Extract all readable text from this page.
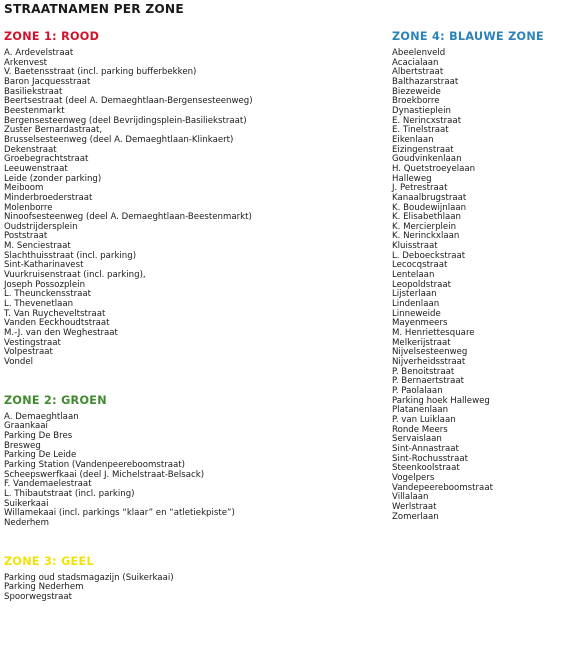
STRAATNAMEN PER ZONE
ZONE 1: ROOD
A. Ardevelstraat
Arkenvest
V. Baetensstraat (incl. parking bufferbekken)
Baron Jacquesstraat
Basiliekstraat
Beertsestraat (deel A. Demaeghtlaan-Bergensesteenweg)
Beestenmarkt
Bergensesteenweg (deel Bevrijdingsplein-Basiliekstraat)
Zuster Bernardastraat,
Brusselsesteenweg (deel A. Demaeghtlaan-Klinkaert)
Dekenstraat
Groebegrachtstraat
Leeuwenstraat
Leide (zonder parking)
Meiboom
Minderbroederstraat
Molenborre
Ninoofsesteenweg (deel A. Demaeghtlaan-Beestenmarkt)
Oudstrijdersplein
Poststraat
M. Senciestraat
Slachthuisstraat (incl. parking)
Sint-Katharinavest
Vuurkruisenstraat (incl. parking),
Joseph Possozplein
L. Theunckensstraat
L. Thevenetlaan
T. Van Ruycheveltstraat
Vanden Eeckhoudtstraat
M.-J. van den Weghestraat
Vestingstraat
Volpestraat
Vondel
ZONE 2: GROEN
A. Demaeghtlaan
Graankaai
Parking De Bres
Bresweg
Parking De Leide
Parking Station (Vandenpeereboomstraat)
Scheepswerfkaai (deel J. Michelstraat-Belsack)
F. Vandemaelestraat
L. Thibautstraat (incl. parking)
Suikerkaai
Willamekaai (incl. parkings “klaar” en “atletiekpiste”)
Nederhem
ZONE 3: GEEL
Parking oud stadsmagazijn (Suikerkaai)
Parking Nederhem
Spoorwegstraat
ZONE 4: BLAUWE ZONE
Abeelenveld
Acacialaan
Albertstraat
Balthazarstraat
Biezeweide
Broekborre
Dynastieplein
E. Nerincxstraat
E. Tinelstraat
Eikenlaan
Eizingenstraat
Goudvinkenlaan
H. Quetstroeyelaan
Halleweg
J. Petrestraat
Kanaalbrugstraat
K. Boudewijnlaan
K. Elisabethlaan
K. Mercierplein
K. Nerinckxlaan
Kluisstraat
L. Deboeckstraat
Lecocqstraat
Lentelaan
Leopoldstraat
Lijsterlaan
Lindenlaan
Linneweide
Mayenmeers
M. Henriettesquare
Melkerijstraat
Nijvelsesteenweg
Nijverheidsstraat
P. Benoitstraat
P. Bernaertstraat
P. Paolalaan
Parking hoek Halleweg
Platanenlaan
P. van Luiklaan
Ronde Meers
Servaislaan
Sint-Annastraat
Sint-Rochusstraat
Steenkoolstraat
Vogelpers
Vandepeereboomstraat
Villalaan
Werlstraat
Zomerlaan
